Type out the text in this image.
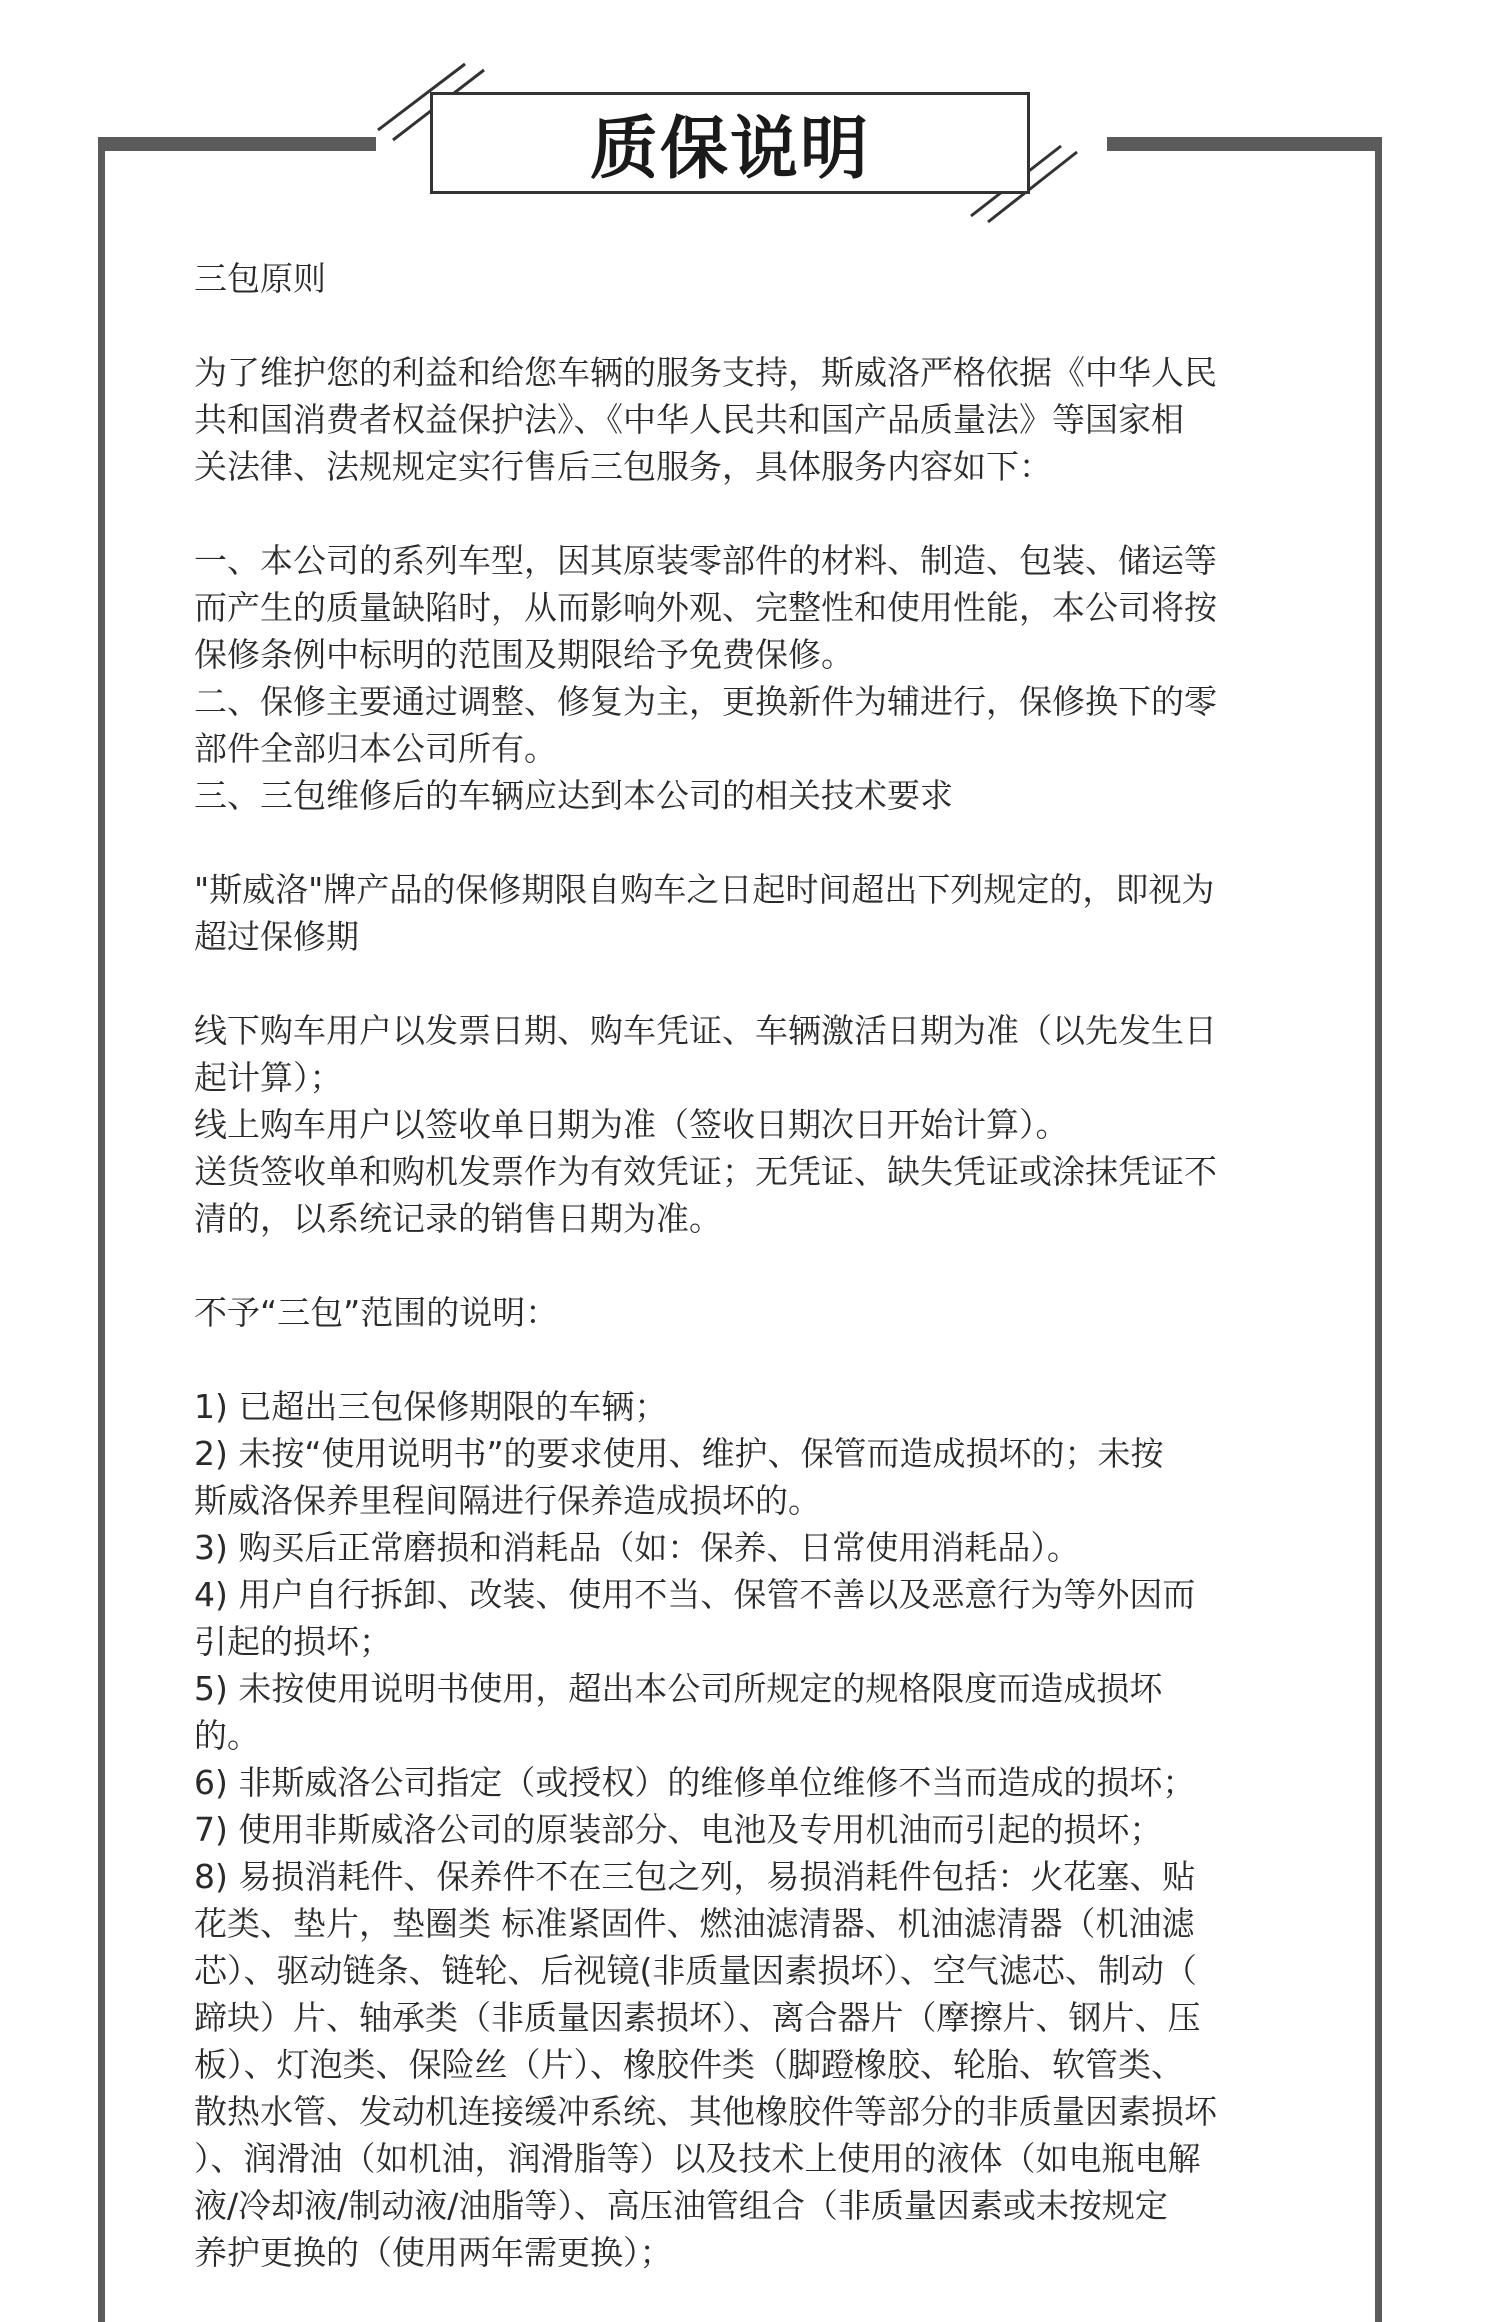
质保说明

三包原则

为了维护您的利益和给您车辆的服务支持，斯威洛严格依据《中华人民

共和国消费者权益保护法》、《中华人民共和国产品质量法》等国家相

关法律、法规规定实行售后三包服务，具体服务内容如下：

一、本公司的系列车型，因其原装零部件的材料、制造、包装、储运等

而产生的质量缺陷时，从而影响外观、完整性和使用性能，本公司将按

保修条例中标明的范围及期限给予免费保修。

二、保修主要通过调整、修复为主，更换新件为辅进行，保修换下的零

部件全部归本公司所有。

三、三包维修后的车辆应达到本公司的相关技术要求

"斯威洛"牌产品的保修期限自购车之日起时间超出下列规定的，即视为

超过保修期

线下购车用户以发票日期、购车凭证、车辆激活日期为准（以先发生日

起计算）；

线上购车用户以签收单日期为准（签收日期次日开始计算）。

送货签收单和购机发票作为有效凭证；无凭证、缺失凭证或涂抹凭证不

清的，以系统记录的销售日期为准。

不予“三包”范围的说明：

1) 已超出三包保修期限的车辆；

2) 未按“使用说明书”的要求使用、维护、保管而造成损坏的；未按

斯威洛保养里程间隔进行保养造成损坏的。

3) 购买后正常磨损和消耗品（如：保养、日常使用消耗品）。

4) 用户自行拆卸、改装、使用不当、保管不善以及恶意行为等外因而

引起的损坏；

5) 未按使用说明书使用，超出本公司所规定的规格限度而造成损坏

的。

6) 非斯威洛公司指定（或授权）的维修单位维修不当而造成的损坏；

7) 使用非斯威洛公司的原装部分、电池及专用机油而引起的损坏；

8) 易损消耗件、保养件不在三包之列，易损消耗件包括：火花塞、贴

花类、垫片，垫圈类 标准紧固件、燃油滤清器、机油滤清器（机油滤

芯）、驱动链条、链轮、后视镜(非质量因素损坏）、空气滤芯、制动（

蹄块）片、轴承类（非质量因素损坏）、离合器片（摩擦片、钢片、压

板）、灯泡类、保险丝（片）、橡胶件类（脚蹬橡胶、轮胎、软管类、

散热水管、发动机连接缓冲系统、其他橡胶件等部分的非质量因素损坏

）、润滑油（如机油，润滑脂等）以及技术上使用的液体（如电瓶电解

液/冷却液/制动液/油脂等）、高压油管组合（非质量因素或未按规定

养护更换的（使用两年需更换）；
